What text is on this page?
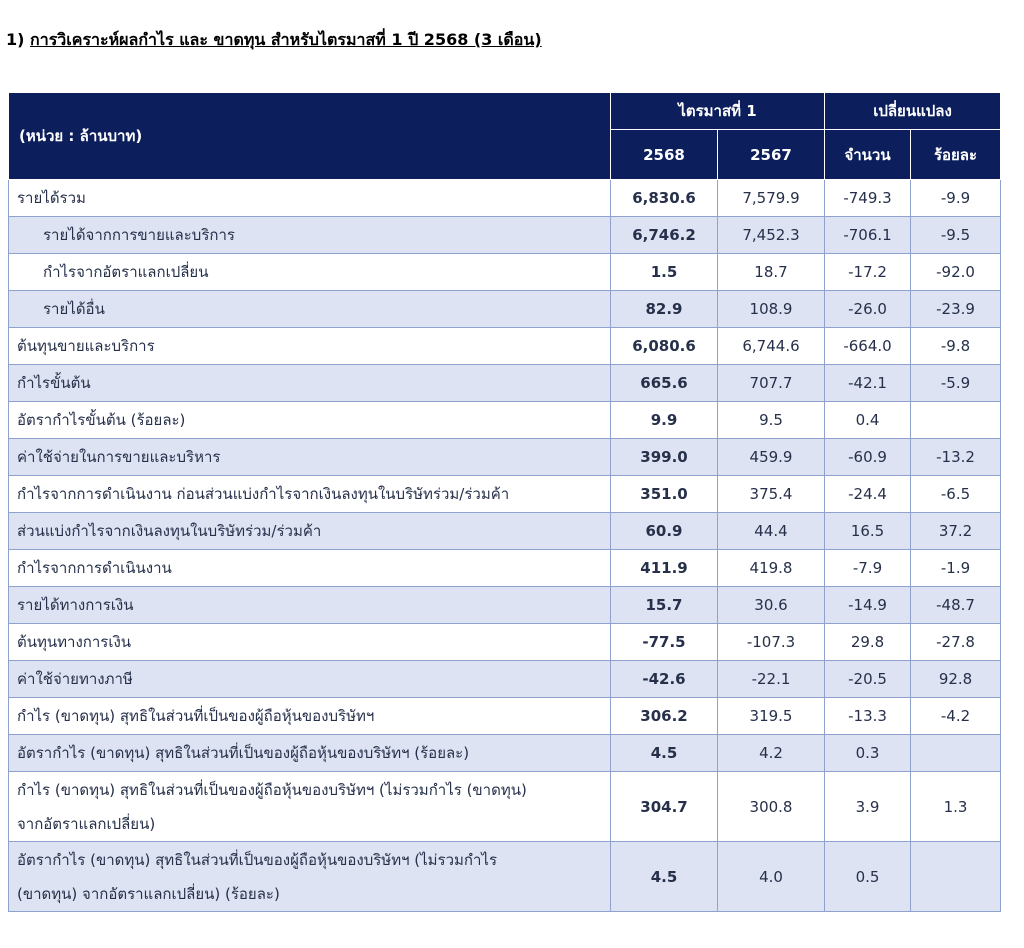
1) การวิเคราะห์ผลกำไร และ ขาดทุน สำหรับไตรมาสที่ 1 ปี 2568 (3 เดือน)
(หน่วย : ล้านบาท)	ไตรมาสที่ 1		เปลี่ยนแปลง	
	2568	2567	จำนวน	ร้อยละ
รายได้รวม	6,830.6	7,579.9	-749.3	-9.9
รายได้จากการขายและบริการ	6,746.2	7,452.3	-706.1	-9.5
กำไรจากอัตราแลกเปลี่ยน	1.5	18.7	-17.2	-92.0
รายได้อื่น	82.9	108.9	-26.0	-23.9
ต้นทุนขายและบริการ	6,080.6	6,744.6	-664.0	-9.8
กำไรขั้นต้น	665.6	707.7	-42.1	-5.9
อัตรากำไรขั้นต้น (ร้อยละ)	9.9	9.5	0.4	
ค่าใช้จ่ายในการขายและบริหาร	399.0	459.9	-60.9	-13.2
กำไรจากการดำเนินงาน ก่อนส่วนแบ่งกำไรจากเงินลงทุนในบริษัทร่วม/ร่วมค้า	351.0	375.4	-24.4	-6.5
ส่วนแบ่งกำไรจากเงินลงทุนในบริษัทร่วม/ร่วมค้า	60.9	44.4	16.5	37.2
กำไรจากการดำเนินงาน	411.9	419.8	-7.9	-1.9
รายได้ทางการเงิน	15.7	30.6	-14.9	-48.7
ต้นทุนทางการเงิน	-77.5	-107.3	29.8	-27.8
ค่าใช้จ่ายทางภาษี	-42.6	-22.1	-20.5	92.8
กำไร (ขาดทุน) สุทธิในส่วนที่เป็นของผู้ถือหุ้นของบริษัทฯ	306.2	319.5	-13.3	-4.2
อัตรากำไร (ขาดทุน) สุทธิในส่วนที่เป็นของผู้ถือหุ้นของบริษัทฯ (ร้อยละ)	4.5	4.2	0.3	

กำไร (ขาดทุน) สุทธิในส่วนที่เป็นของผู้ถือหุ้นของบริษัทฯ (ไม่รวมกำไร (ขาดทุน)
จากอัตราแลกเปลี่ยน)	304.7	300.8	3.9	1.3

อัตรากำไร (ขาดทุน) สุทธิในส่วนที่เป็นของผู้ถือหุ้นของบริษัทฯ (ไม่รวมกำไร
(ขาดทุน) จากอัตราแลกเปลี่ยน) (ร้อยละ)	4.5	4.0	0.5	
